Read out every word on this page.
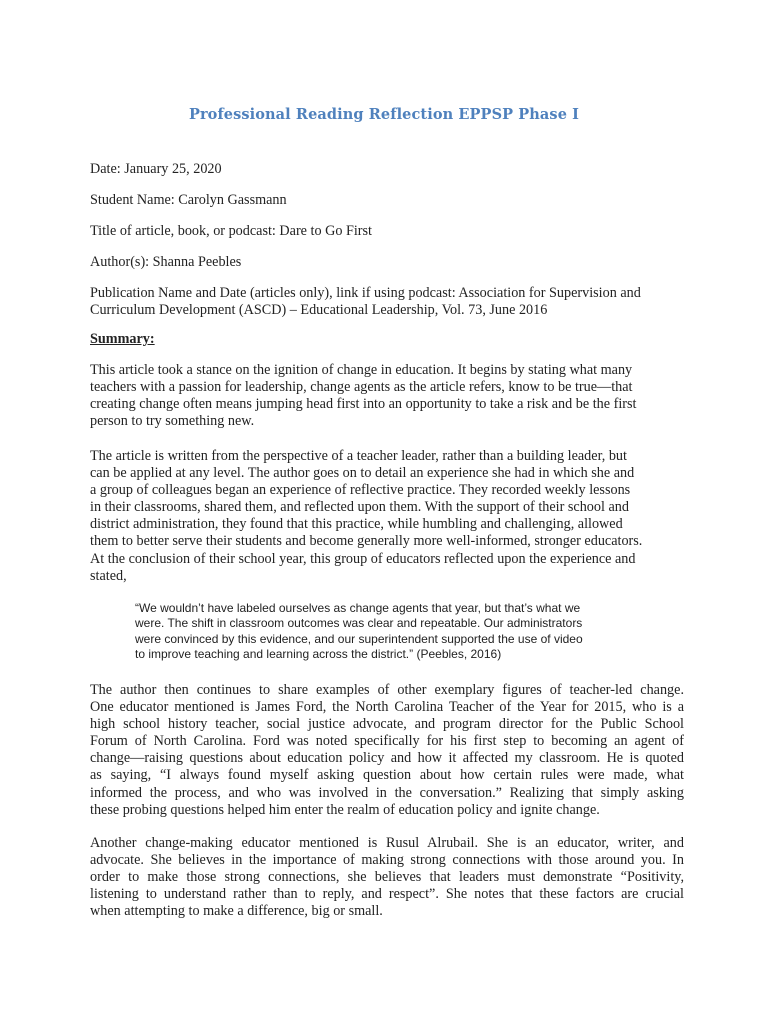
Professional Reading Reflection EPPSP Phase I
Date: January 25, 2020
Student Name: Carolyn Gassmann
Title of article, book, or podcast: Dare to Go First
Author(s): Shanna Peebles
Publication Name and Date (articles only), link if using podcast: Association for Supervision and
Curriculum Development (ASCD) – Educational Leadership, Vol. 73, June 2016
Summary:
This article took a stance on the ignition of change in education. It begins by stating what many
teachers with a passion for leadership, change agents as the article refers, know to be true—that
creating change often means jumping head first into an opportunity to take a risk and be the first
person to try something new.
The article is written from the perspective of a teacher leader, rather than a building leader, but
can be applied at any level. The author goes on to detail an experience she had in which she and
a group of colleagues began an experience of reflective practice. They recorded weekly lessons
in their classrooms, shared them, and reflected upon them. With the support of their school and
district administration, they found that this practice, while humbling and challenging, allowed
them to better serve their students and become generally more well-informed, stronger educators.
At the conclusion of their school year, this group of educators reflected upon the experience and
stated,
“We wouldn’t have labeled ourselves as change agents that year, but that’s what we
were. The shift in classroom outcomes was clear and repeatable. Our administrators
were convinced by this evidence, and our superintendent supported the use of video
to improve teaching and learning across the district.” (Peebles, 2016)
The author then continues to share examples of other exemplary figures of teacher-led change.
One educator mentioned is James Ford, the North Carolina Teacher of the Year for 2015, who is a
high school history teacher, social justice advocate, and program director for the Public School
Forum of North Carolina. Ford was noted specifically for his first step to becoming an agent of
change—raising questions about education policy and how it affected my classroom. He is quoted
as saying, “I always found myself asking question about how certain rules were made, what
informed the process, and who was involved in the conversation.” Realizing that simply asking
these probing questions helped him enter the realm of education policy and ignite change.
Another change-making educator mentioned is Rusul Alrubail. She is an educator, writer, and
advocate. She believes in the importance of making strong connections with those around you. In
order to make those strong connections, she believes that leaders must demonstrate “Positivity,
listening to understand rather than to reply, and respect”. She notes that these factors are crucial
when attempting to make a difference, big or small.
